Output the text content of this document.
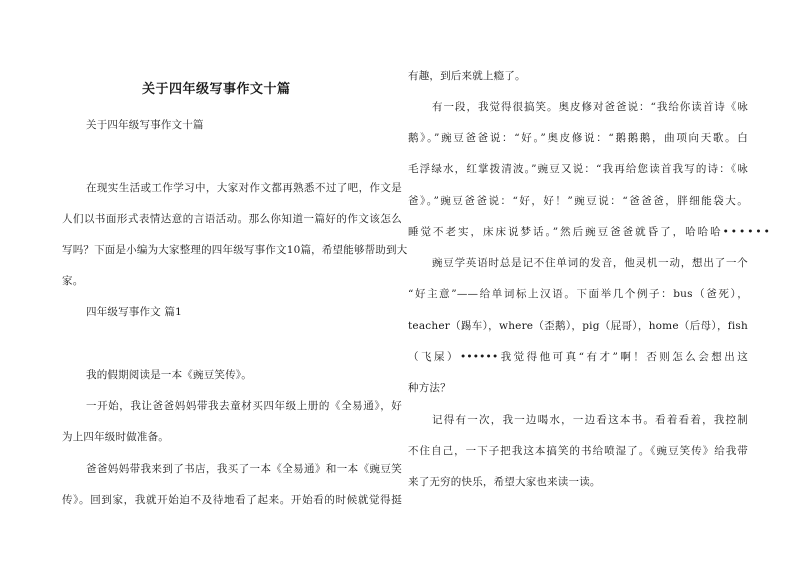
关于四年级写事作文十篇
关于四年级写事作文十篇
在现实生活或工作学习中，大家对作文都再熟悉不过了吧，作文是
人们以书面形式表情达意的言语活动。那么你知道一篇好的作文该怎么
写吗？下面是小编为大家整理的四年级写事作文10篇，希望能够帮助到大
家。
四年级写事作文 篇1
我的假期阅读是一本《豌豆笑传》。
一开始，我让爸爸妈妈带我去童材买四年级上册的《全易通》，好
为上四年级时做准备。
爸爸妈妈带我来到了书店，我买了一本《全易通》和一本《豌豆笑
传》。回到家，我就开始迫不及待地看了起来。开始看的时候就觉得挺
有趣，到后来就上瘾了。
有一段，我觉得很搞笑。奥皮修对爸爸说：“我给你读首诗《咏
鹅》。”豌豆爸爸说：“好。”奥皮修说：“鹅鹅鹅，曲项向天歌。白
毛浮绿水，红掌拨清波。”豌豆又说：“我再给您读首我写的诗：《咏
爸》。”豌豆爸爸说：“好，好！”豌豆说：“爸爸爸，胖细能袋大。
睡觉不老实，床床说梦话。”然后豌豆爸爸就昏了，哈哈哈••••••
豌豆学英语时总是记不住单词的发音，他灵机一动，想出了一个
“好主意”——给单词标上汉语。下面举几个例子：bus（爸死），
teacher（踢车），where（歪鹅），pig（屁哥），home（后母），fish
（飞屎）••••••我觉得他可真“有才”啊！否则怎么会想出这
种方法？
记得有一次，我一边喝水，一边看这本书。看着看着，我控制
不住自己，一下子把我这本搞笑的书给喷湿了。《豌豆笑传》给我带
来了无穷的快乐，希望大家也来读一读。
